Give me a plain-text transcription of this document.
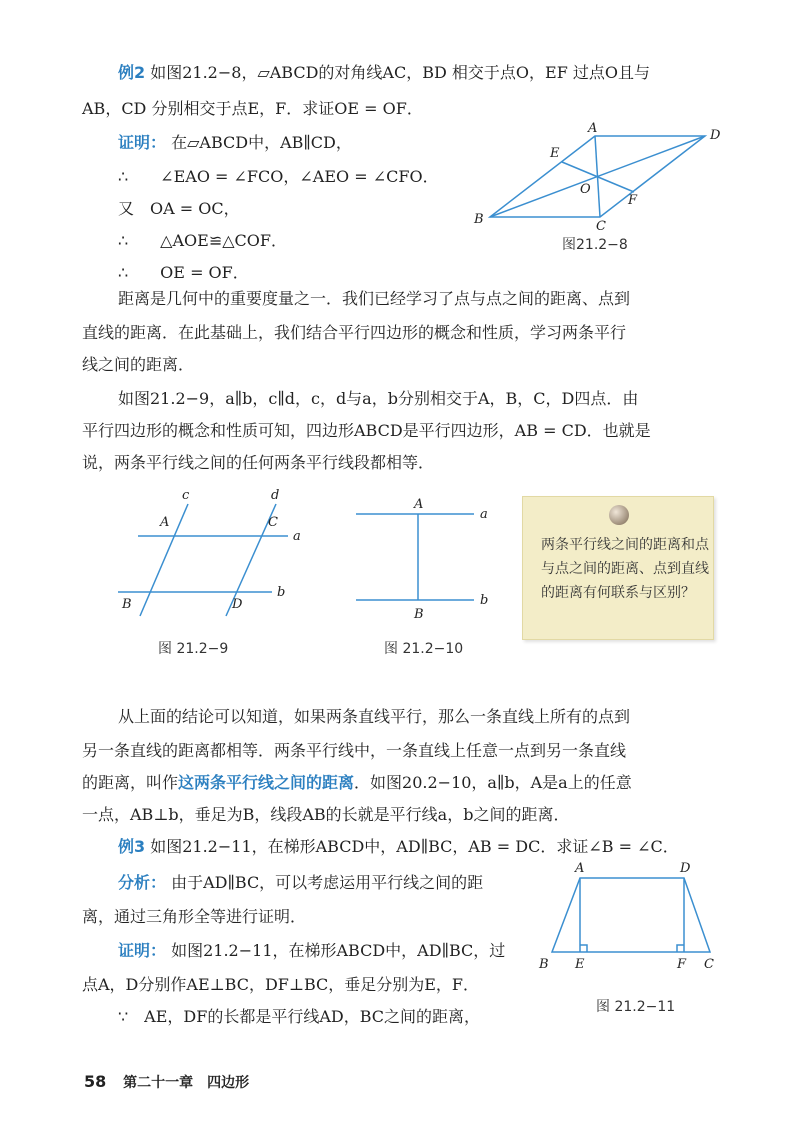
例2 如图21.2−8，▱ABCD的对角线AC，BD 相交于点O，EF 过点O且与
AB，CD 分别相交于点E，F．求证OE = OF．
证明： 在▱ABCD中，AB∥CD，
∴　　∠EAO = ∠FCO，∠AEO = ∠CFO．
又　OA = OC，
∴　　△AOE≌△COF．
∴　　OE = OF．
A	D
E
O
F
B	C
图21.2−8
距离是几何中的重要度量之一．我们已经学习了点与点之间的距离、点到
直线的距离．在此基础上，我们结合平行四边形的概念和性质，学习两条平行
线之间的距离．
如图21.2−9，a∥b，c∥d，c，d与a，b分别相交于A，B，C，D四点．由
平行四边形的概念和性质可知，四边形ABCD是平行四边形，AB = CD．也就是
说，两条平行线之间的任何两条平行线段都相等．
c	d
A	C
a
b
B	D
图 21.2−9
A
a
B
b
图 21.2−10
两条平行线之间的距离和点与点之间的距离、点到直线的距离有何联系与区别？
从上面的结论可以知道，如果两条直线平行，那么一条直线上所有的点到
另一条直线的距离都相等．两条平行线中，一条直线上任意一点到另一条直线
的距离，叫作这两条平行线之间的距离．如图20.2−10，a∥b，A是a上的任意
一点，AB⊥b，垂足为B，线段AB的长就是平行线a，b之间的距离．
例3 如图21.2−11，在梯形ABCD中，AD∥BC，AB = DC．求证∠B = ∠C．
分析： 由于AD∥BC，可以考虑运用平行线之间的距
离，通过三角形全等进行证明．
证明： 如图21.2−11，在梯形ABCD中，AD∥BC，过
点A，D分别作AE⊥BC，DF⊥BC，垂足分别为E，F．
∵　AE，DF的长都是平行线AD，BC之间的距离，
A	D
B E	F C
图 21.2−11
58 第二十一章　四边形
